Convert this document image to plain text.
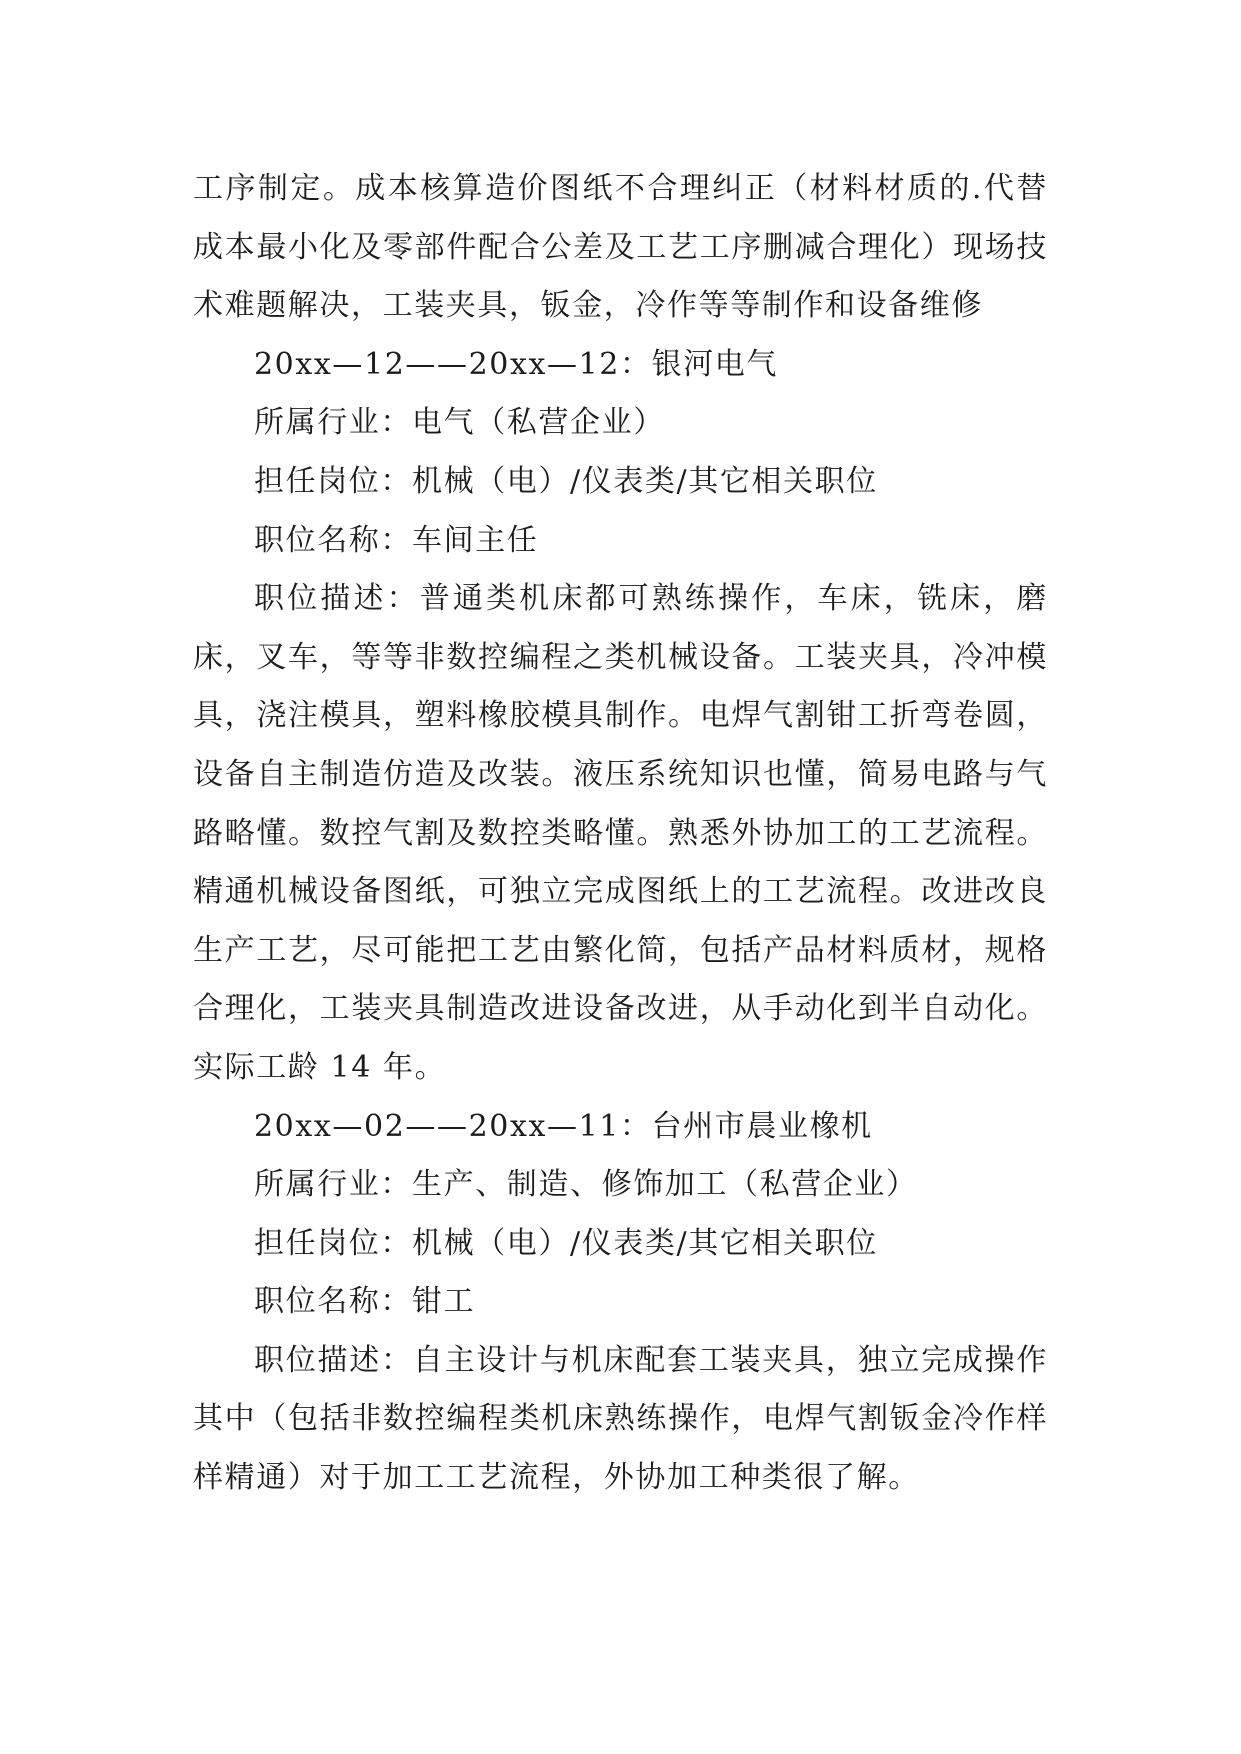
工序制定。成本核算造价图纸不合理纠正（材料材质的.代替成本最小化及零部件配合公差及工艺工序删减合理化）现场技术难题解决，工装夹具，钣金，冷作等等制作和设备维修

20xx—12——20xx—12：银河电气

所属行业：电气（私营企业）

担任岗位：机械（电）/仪表类/其它相关职位

职位名称：车间主任

职位描述：普通类机床都可熟练操作，车床，铣床，磨床，叉车，等等非数控编程之类机械设备。工装夹具，冷冲模具，浇注模具，塑料橡胶模具制作。电焊气割钳工折弯卷圆，设备自主制造仿造及改装。液压系统知识也懂，简易电路与气路略懂。数控气割及数控类略懂。熟悉外协加工的工艺流程。精通机械设备图纸，可独立完成图纸上的工艺流程。改进改良生产工艺，尽可能把工艺由繁化简，包括产品材料质材，规格合理化，工装夹具制造改进设备改进，从手动化到半自动化。实际工龄 14 年。

20xx—02——20xx—11：台州市晨业橡机

所属行业：生产、制造、修饰加工（私营企业）

担任岗位：机械（电）/仪表类/其它相关职位

职位名称：钳工

职位描述：自主设计与机床配套工装夹具，独立完成操作其中（包括非数控编程类机床熟练操作，电焊气割钣金冷作样样精通）对于加工工艺流程，外协加工种类很了解。
